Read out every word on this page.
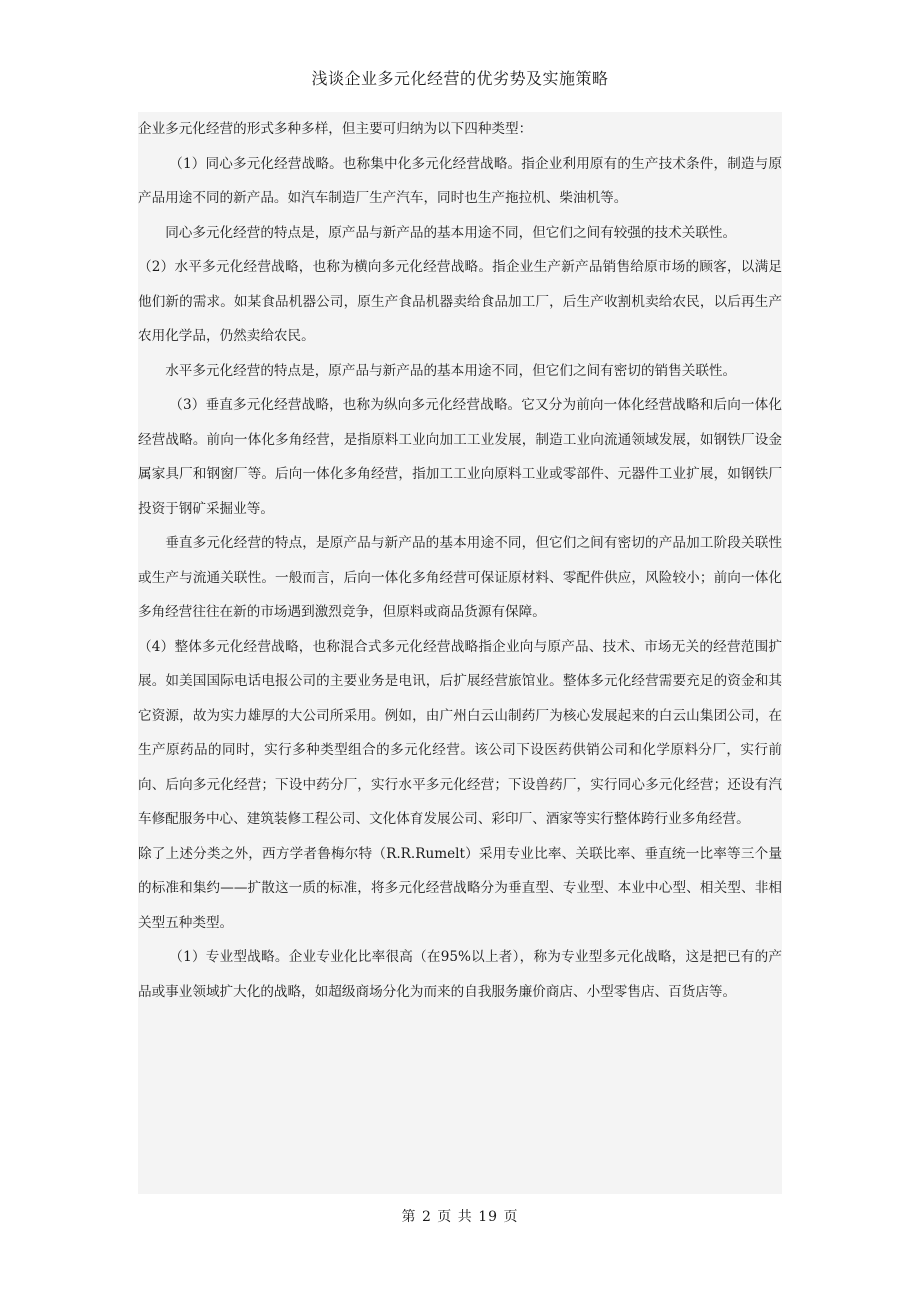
浅谈企业多元化经营的优劣势及实施策略

企业多元化经营的形式多种多样，但主要可归纳为以下四种类型：

（1）同心多元化经营战略。也称集中化多元化经营战略。指企业利用原有的生产技术条件，制造与原产品用途不同的新产品。如汽车制造厂生产汽车，同时也生产拖拉机、柴油机等。

同心多元化经营的特点是，原产品与新产品的基本用途不同，但它们之间有较强的技术关联性。

（2）水平多元化经营战略，也称为横向多元化经营战略。指企业生产新产品销售给原市场的顾客，以满足他们新的需求。如某食品机器公司，原生产食品机器卖给食品加工厂，后生产收割机卖给农民，以后再生产农用化学品，仍然卖给农民。

水平多元化经营的特点是，原产品与新产品的基本用途不同，但它们之间有密切的销售关联性。

（3）垂直多元化经营战略，也称为纵向多元化经营战略。它又分为前向一体化经营战略和后向一体化经营战略。前向一体化多角经营，是指原料工业向加工工业发展，制造工业向流通领域发展，如钢铁厂设金属家具厂和钢窗厂等。后向一体化多角经营，指加工工业向原料工业或零部件、元器件工业扩展，如钢铁厂投资于钢矿采掘业等。

垂直多元化经营的特点，是原产品与新产品的基本用途不同，但它们之间有密切的产品加工阶段关联性或生产与流通关联性。一般而言，后向一体化多角经营可保证原材料、零配件供应，风险较小；前向一体化多角经营往往在新的市场遇到激烈竞争，但原料或商品货源有保障。

（4）整体多元化经营战略，也称混合式多元化经营战略指企业向与原产品、技术、市场无关的经营范围扩展。如美国国际电话电报公司的主要业务是电讯，后扩展经营旅馆业。整体多元化经营需要充足的资金和其它资源，故为实力雄厚的大公司所采用。例如，由广州白云山制药厂为核心发展起来的白云山集团公司，在生产原药品的同时，实行多种类型组合的多元化经营。该公司下设医药供销公司和化学原料分厂，实行前向、后向多元化经营；下设中药分厂，实行水平多元化经营；下设兽药厂，实行同心多元化经营；还设有汽车修配服务中心、建筑装修工程公司、文化体育发展公司、彩印厂、酒家等实行整体跨行业多角经营。

除了上述分类之外，西方学者鲁梅尔特（R.R.Rumelt）采用专业比率、关联比率、垂直统一比率等三个量的标准和集约——扩散这一质的标准，将多元化经营战略分为垂直型、专业型、本业中心型、相关型、非相关型五种类型。

（1）专业型战略。企业专业化比率很高（在95%以上者），称为专业型多元化战略，这是把已有的产品或事业领域扩大化的战略，如超级商场分化为而来的自我服务廉价商店、小型零售店、百货店等。

第 2 页 共 19 页
